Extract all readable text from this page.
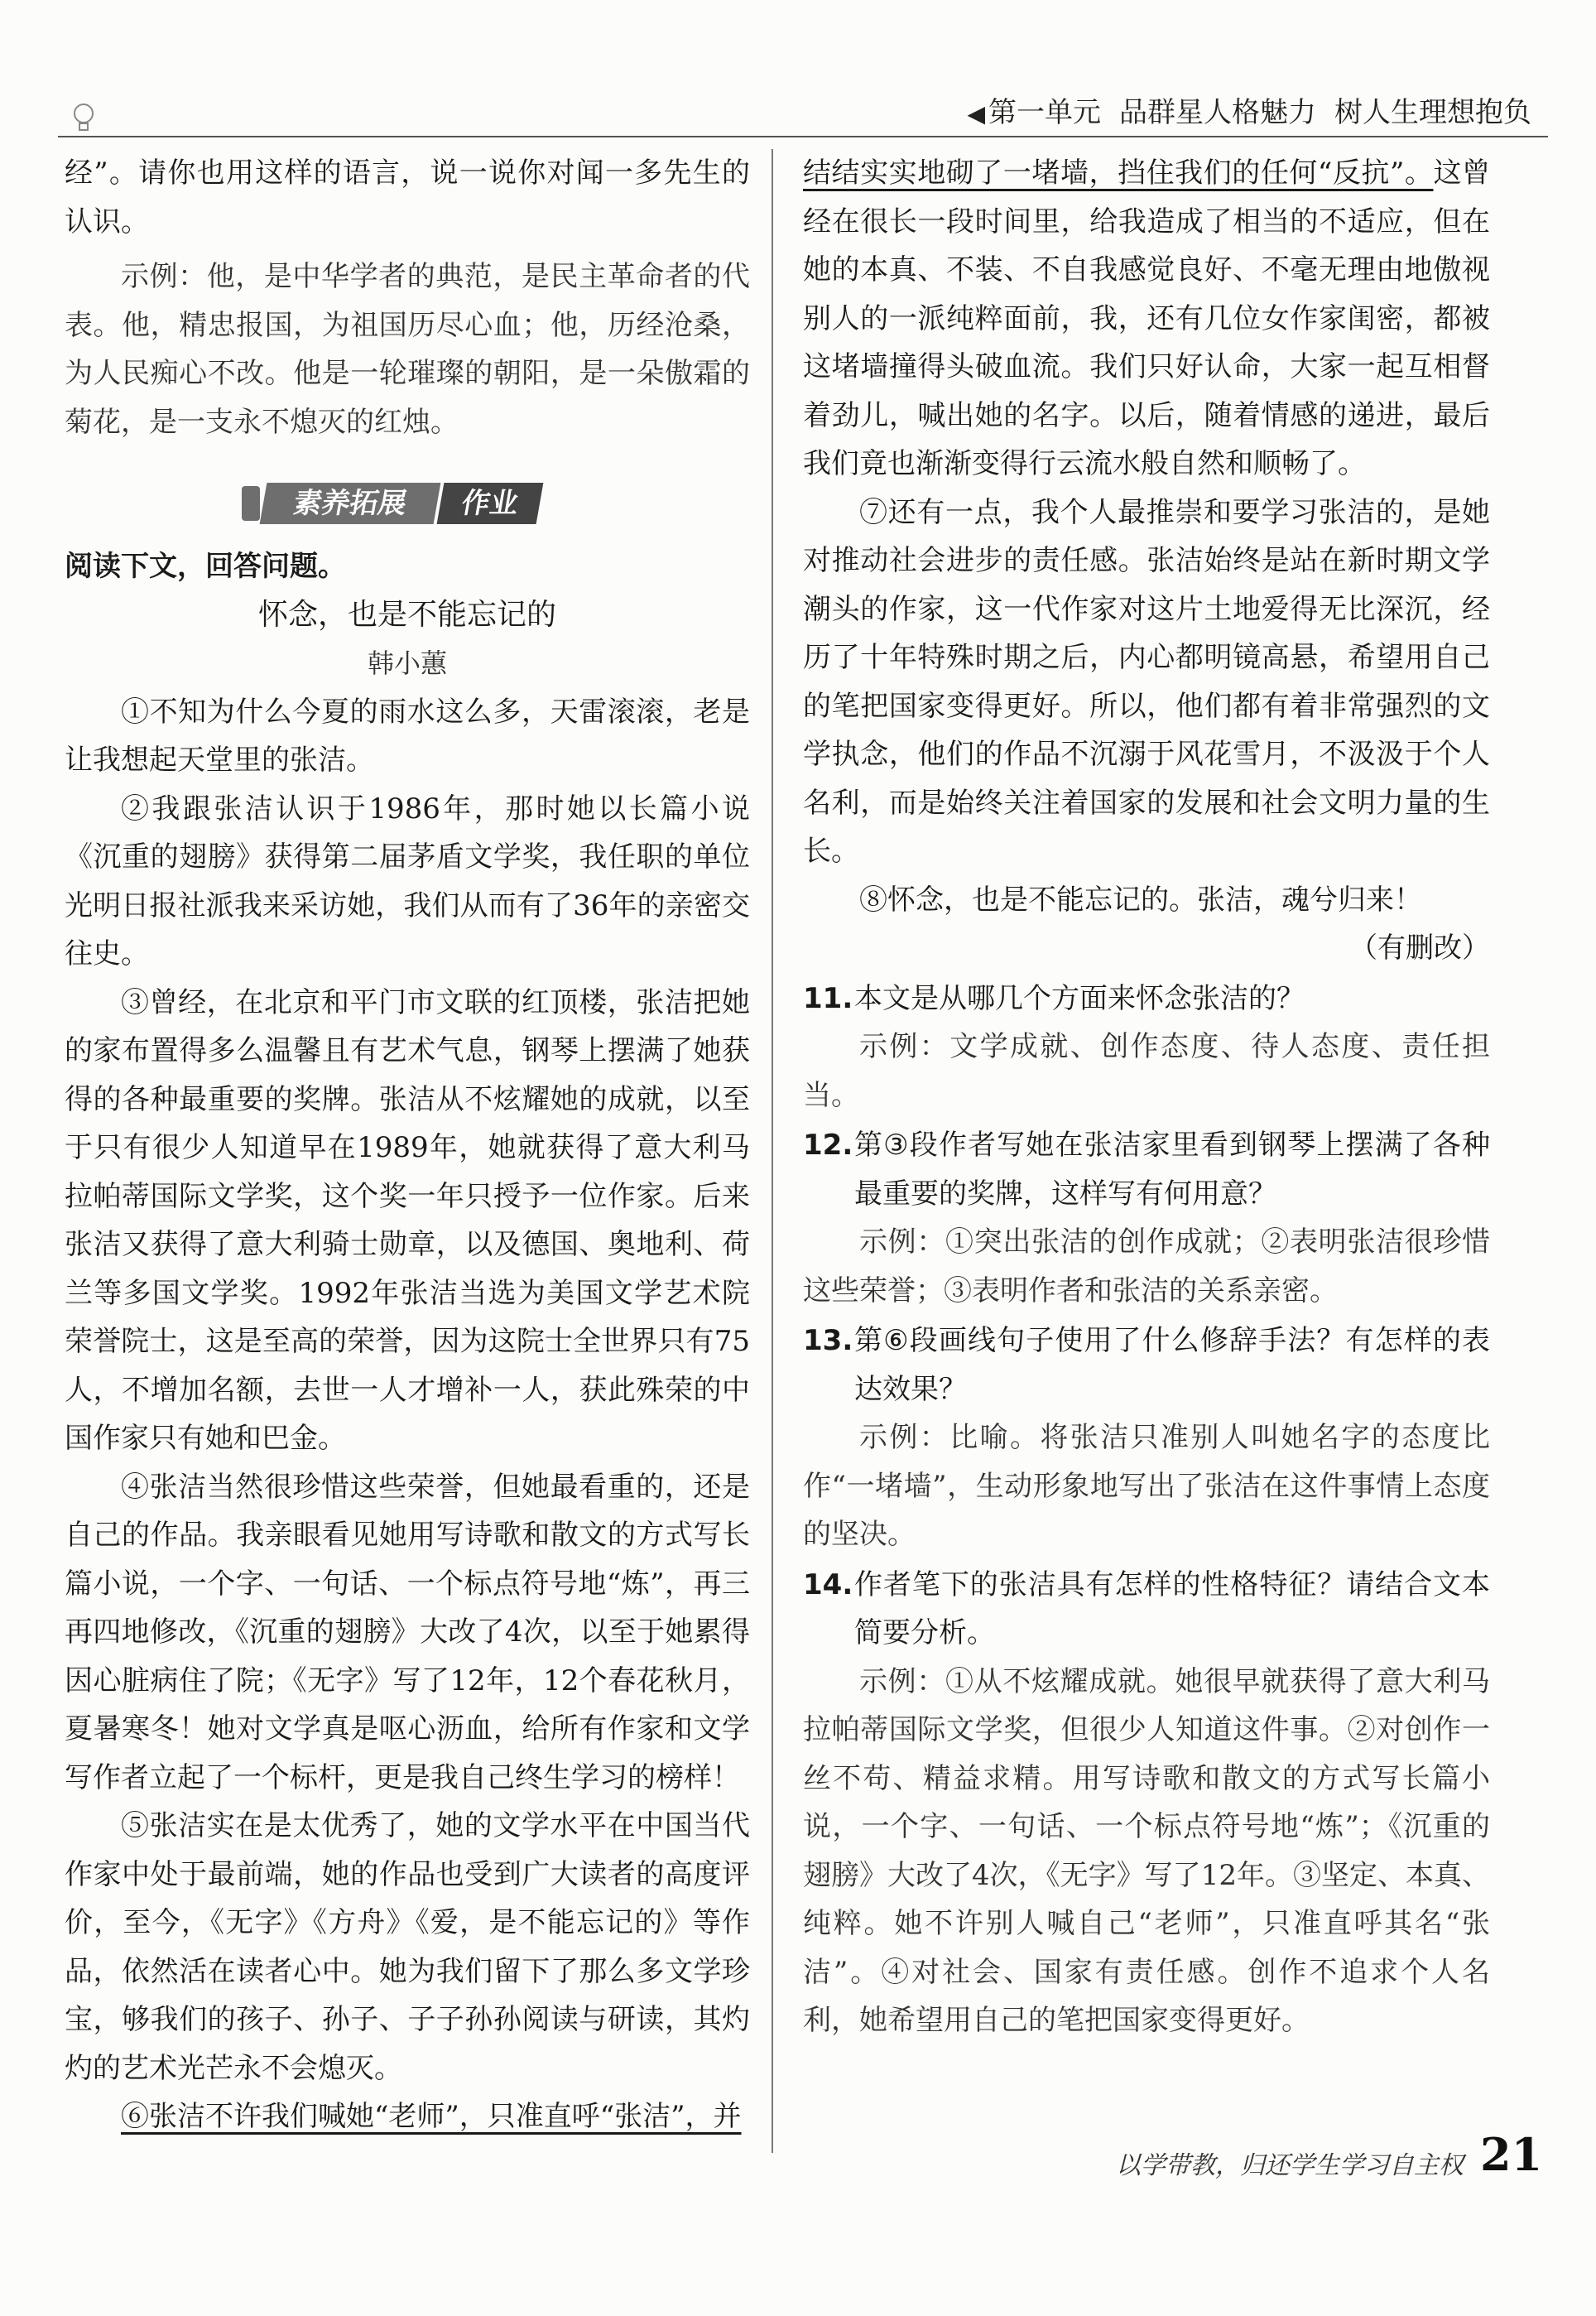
◀ 第一单元 品群星人格魅力 树人生理想抱负

经”。请你也用这样的语言，说一说你对闻一多先生的认识。

示例：他，是中华学者的典范，是民主革命者的代表。他，精忠报国，为祖国历尽心血；他，历经沧桑，为人民痴心不改。他是一轮璀璨的朝阳，是一朵傲霜的菊花，是一支永不熄灭的红烛。

素养拓展	作业

阅读下文，回答问题。

怀念，也是不能忘记的

韩小蕙

①不知为什么今夏的雨水这么多，天雷滚滚，老是让我想起天堂里的张洁。

②我跟张洁认识于1986年，那时她以长篇小说《沉重的翅膀》获得第二届茅盾文学奖，我任职的单位光明日报社派我来采访她，我们从而有了36年的亲密交往史。

③曾经，在北京和平门市文联的红顶楼，张洁把她的家布置得多么温馨且有艺术气息，钢琴上摆满了她获得的各种最重要的奖牌。张洁从不炫耀她的成就，以至于只有很少人知道早在1989年，她就获得了意大利马拉帕蒂国际文学奖，这个奖一年只授予一位作家。后来张洁又获得了意大利骑士勋章，以及德国、奥地利、荷兰等多国文学奖。1992年张洁当选为美国文学艺术院荣誉院士，这是至高的荣誉，因为这院士全世界只有75人，不增加名额，去世一人才增补一人，获此殊荣的中国作家只有她和巴金。

④张洁当然很珍惜这些荣誉，但她最看重的，还是自己的作品。我亲眼看见她用写诗歌和散文的方式写长篇小说，一个字、一句话、一个标点符号地“炼”，再三再四地修改，《沉重的翅膀》大改了4次，以至于她累得因心脏病住了院；《无字》写了12年，12个春花秋月，夏暑寒冬！她对文学真是呕心沥血，给所有作家和文学写作者立起了一个标杆，更是我自己终生学习的榜样！

⑤张洁实在是太优秀了，她的文学水平在中国当代作家中处于最前端，她的作品也受到广大读者的高度评价，至今，《无字》《方舟》《爱，是不能忘记的》等作品，依然活在读者心中。她为我们留下了那么多文学珍宝，够我们的孩子、孙子、子子孙孙阅读与研读，其灼灼的艺术光芒永不会熄灭。

⑥张洁不许我们喊她“老师”，只准直呼“张洁”，并

结结实实地砌了一堵墙，挡住我们的任何“反抗”。这曾经在很长一段时间里，给我造成了相当的不适应，但在她的本真、不装、不自我感觉良好、不毫无理由地傲视别人的一派纯粹面前，我，还有几位女作家闺密，都被这堵墙撞得头破血流。我们只好认命，大家一起互相督着劲儿，喊出她的名字。以后，随着情感的递进，最后我们竟也渐渐变得行云流水般自然和顺畅了。

⑦还有一点，我个人最推崇和要学习张洁的，是她对推动社会进步的责任感。张洁始终是站在新时期文学潮头的作家，这一代作家对这片土地爱得无比深沉，经历了十年特殊时期之后，内心都明镜高悬，希望用自己的笔把国家变得更好。所以，他们都有着非常强烈的文学执念，他们的作品不沉溺于风花雪月，不汲汲于个人名利，而是始终关注着国家的发展和社会文明力量的生长。

⑧怀念，也是不能忘记的。张洁，魂兮归来！

（有删改）

11. 本文是从哪几个方面来怀念张洁的？

示例：文学成就、创作态度、待人态度、责任担当。

12. 第③段作者写她在张洁家里看到钢琴上摆满了各种最重要的奖牌，这样写有何用意？

示例：①突出张洁的创作成就；②表明张洁很珍惜这些荣誉；③表明作者和张洁的关系亲密。

13. 第⑥段画线句子使用了什么修辞手法？有怎样的表达效果？

示例：比喻。将张洁只准别人叫她名字的态度比作“一堵墙”，生动形象地写出了张洁在这件事情上态度的坚决。

14. 作者笔下的张洁具有怎样的性格特征？请结合文本简要分析。

示例：①从不炫耀成就。她很早就获得了意大利马拉帕蒂国际文学奖，但很少人知道这件事。②对创作一丝不苟、精益求精。用写诗歌和散文的方式写长篇小说，一个字、一句话、一个标点符号地“炼”；《沉重的翅膀》大改了4次，《无字》写了12年。③坚定、本真、纯粹。她不许别人喊自己“老师”，只准直呼其名“张洁”。④对社会、国家有责任感。创作不追求个人名利，她希望用自己的笔把国家变得更好。

以学带教，归还学生学习自主权 21
